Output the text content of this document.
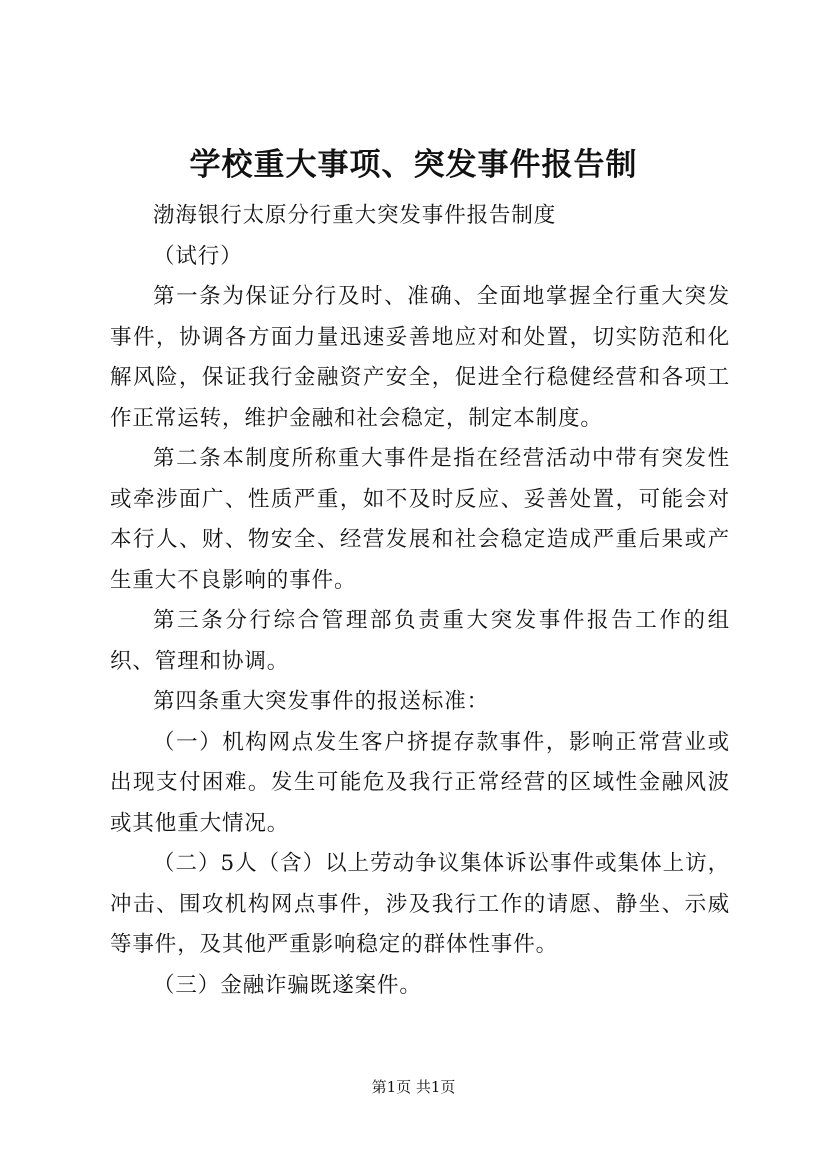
学校重大事项、突发事件报告制

渤海银行太原分行重大突发事件报告制度

（试行）

第一条为保证分行及时、准确、全面地掌握全行重大突发事件，协调各方面力量迅速妥善地应对和处置，切实防范和化解风险，保证我行金融资产安全，促进全行稳健经营和各项工作正常运转，维护金融和社会稳定，制定本制度。

第二条本制度所称重大事件是指在经营活动中带有突发性或牵涉面广、性质严重，如不及时反应、妥善处置，可能会对本行人、财、物安全、经营发展和社会稳定造成严重后果或产生重大不良影响的事件。

第三条分行综合管理部负责重大突发事件报告工作的组织、管理和协调。

第四条重大突发事件的报送标准：

（一）机构网点发生客户挤提存款事件，影响正常营业或出现支付困难。发生可能危及我行正常经营的区域性金融风波或其他重大情况。

（二）5人（含）以上劳动争议集体诉讼事件或集体上访，冲击、围攻机构网点事件，涉及我行工作的请愿、静坐、示威等事件，及其他严重影响稳定的群体性事件。

（三）金融诈骗既遂案件。

第1页 共1页
